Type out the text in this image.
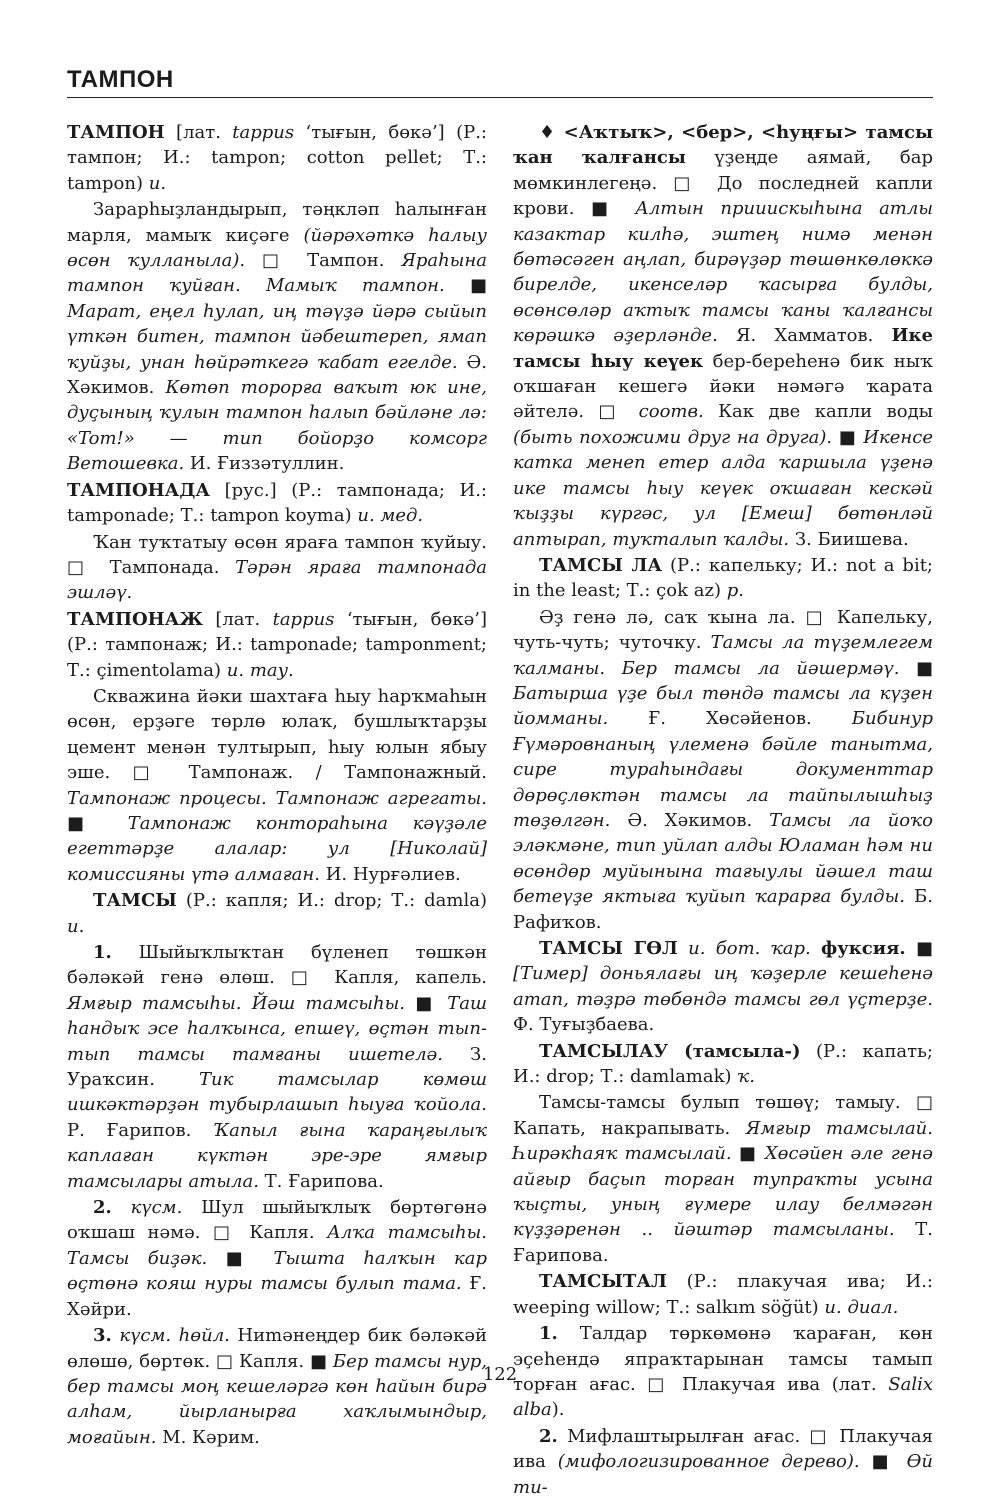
ТАМПОН

ТАМПОН [лат. tappus ‘тығын, бөкә’] (Р.: тампон; И.: tampon; cotton pellet; Т.: tampon) и.

Зарарһыҙландырып, тәңкләп һалынған марля, мамыҡ киҫәге (йәрәхәткә һалыу өсөн ҡулланыла). □ Тампон. Яраһына тампон ҡуйған. Мамыҡ тампон. ■ Марат, еңел һулап, иң тәүҙә йәрә сыйып үткән битен, тампон йәбештереп, ямап ҡуйҙы, унан һөйрәткегә ҡабат егелде. Ә. Хәкимов. Көтөп торорға ваҡыт юк ине, дуҫының ҡулын тампон һалып бәйләне лә: «Tom!» — тип бойорҙо комсорг Ветошевка. И. Ғиззәтуллин.

ТАМПОНАДА [рус.] (Р.: тампонада; И.: tamponade; Т.: tampon koyma) и. мед.

Ҡан туҡтатыу өсөн яраға тампон ҡуйыу. □ Тампонада. Тәрән яраға тампонада эшләү.

ТАМПОНАЖ [лат. tappus ‘тығын, бөкә’] (Р.: тампонаж; И.: tamponade; tamponment; Т.: çimentolama) и. тау.

Скважина йәки шахтаға һыу һарҡмаһын өсөн, ерҙәге төрлө юлаҡ, бушлыҡтарҙы цемент менән тултырып, һыу юлын ябыу эше. □ Тампонаж. / Тампонажный. Тампонаж процесы. Тампонаж агрегаты. ■ Тампонаж контораһына кәүҙәле егеттәрҙе алалар: ул [Николай] комиссияны үтә алмаған. И. Нурғәлиев.

ТАМСЫ (Р.: капля; И.: drop; Т.: damla) и.

1. Шыйыҡлыҡтан бүленеп төшкән бәләкәй генә өлөш. □ Капля, капель. Ямғыр тамсыһы. Йәш тамсыһы. ■ Таш һандыҡ эсе һалҡынса, епшеү, өҫтән тып-тып тамсы тамғаны ишетелә. З. Ураҡсин. Тик тамсылар көмөш ишкәктәрҙән тубырлашып һыуға ҡойола. Р. Ғарипов. Ҡапыл ғына ҡараңғылыҡ каплаған күктән эре-эре ямғыр тамсылары атыла. Т. Ғарипова.

2. күсм. Шул шыйыҡлыҡ бөртөгөнә оҡшаш нәмә. □ Капля. Алҡа тамсыһы. Тамсы биҙәк. ■ Тышта һалҡын кар өҫтөнә кояш нуры тамсы булып тама. Ғ. Хәйри.

3. күсм. һөйл. Ниmәнеңдер бик бәләкәй өлөшө, бөртөк. □ Капля. ■ Бер тамсы нур, бер тамсы моң кешеләргә көн һайын бирә алһам, йырланырға хаҡлымындыр, моғайын. М. Кәрим.

♦ <Аҡтыҡ>, <бер>, <һуңғы> тамсы ҡан ҡалғансы үҙеңде аямай, бар мөмкинлегеңә. □ До последней капли крови. ■ Алтын прииискыһына атлы казактар килһә, эштең нимә менән бөтәсәген аңлап, бирәүҙәр төшөнкөлөккә бирелде, икенселәр ҡасырға булды, өсөнсөләр аҡтыҡ тамсы ҡаны ҡалғансы көрәшкә әҙерләнде. Я. Хамматов. Ике тамсы һыу кеүек бер-береһенә бик ныҡ оҡшаған кешегә йәки нәмәгә ҡарата әйтелә. □ соотв. Как две капли воды (быть похожими друг на друга). ■ Икенсе катка менеп етер алда ҡаршыла үҙенә ике тамсы һыу кеүек оҡшаған кескәй ҡыҙҙы күргәс, ул [Емеш] бөтөнләй аптырап, туҡталып ҡалды. З. Биишева.

ТАМСЫ ЛА (Р.: капельку; И.: not a bit; in the least; Т.: çok az) р.

Әҙ генә лә, саҡ ҡына ла. □ Капельку, чуть-чуть; чуточку. Тамсы ла түҙемлегем ҡалманы. Бер тамсы ла йәшермәү. ■ Батырша үҙе был төндә тамсы ла күҙен йомманы. Ғ. Хөсәйенов. Бибинур Ғүмәровнаның үлеменә бәйле танытма, сире турaһындағы документтар дөрөҫлөктән тамсы ла тайпылышһыҙ төҙөлгән. Ә. Хәкимов. Тамсы ла йоҡо эләкмәне, тип уйлап алды Юламан һәм ни өсөндөр муйынына тағыулы йәшел таш бетеүҙе яктыға ҡуйып ҡарарға булды. Б. Рафиҡов.

ТАМСЫ ГӨЛ и. бот. ҡар. фуксия. ■ [Тимер] доньялағы иң ҡәҙерле кешеһенә атап, тәҙрә төбөндә тамсы гөл үҫтерҙе. Ф. Туғыҙбаева.

ТАМСЫЛАУ (тамсыла-) (Р.: капать; И.: drop; Т.: damlamak) ҡ.

Тамсы-тамсы булып төшөү; тамыу. □ Капать, накрапывать. Ямғыр тамсылай. Һирәкһаяҡ тамсылай. ■ Хөсәйен әле генә айғыр баҫып торған тупраҡты усына ҡыҫты, уның ғүмере илау белмәгән күҙҙәренән .. йәштәр тамсыланы. Т. Ғарипова.

ТАМСЫТАЛ (Р.: плакучая ива; И.: weeping willow; Т.: salkım söğüt) и. диал.

1. Талдар төркөмөнә ҡараған, көн эҫеһендә япраҡтарынан тамсы тамып торған ағас. □ Плакучая ива (лат. Salix alba).

2. Мифлаштырылған ағас. □ Плакучая ива (мифологизированное дерево). ■ Өй ти-

122
